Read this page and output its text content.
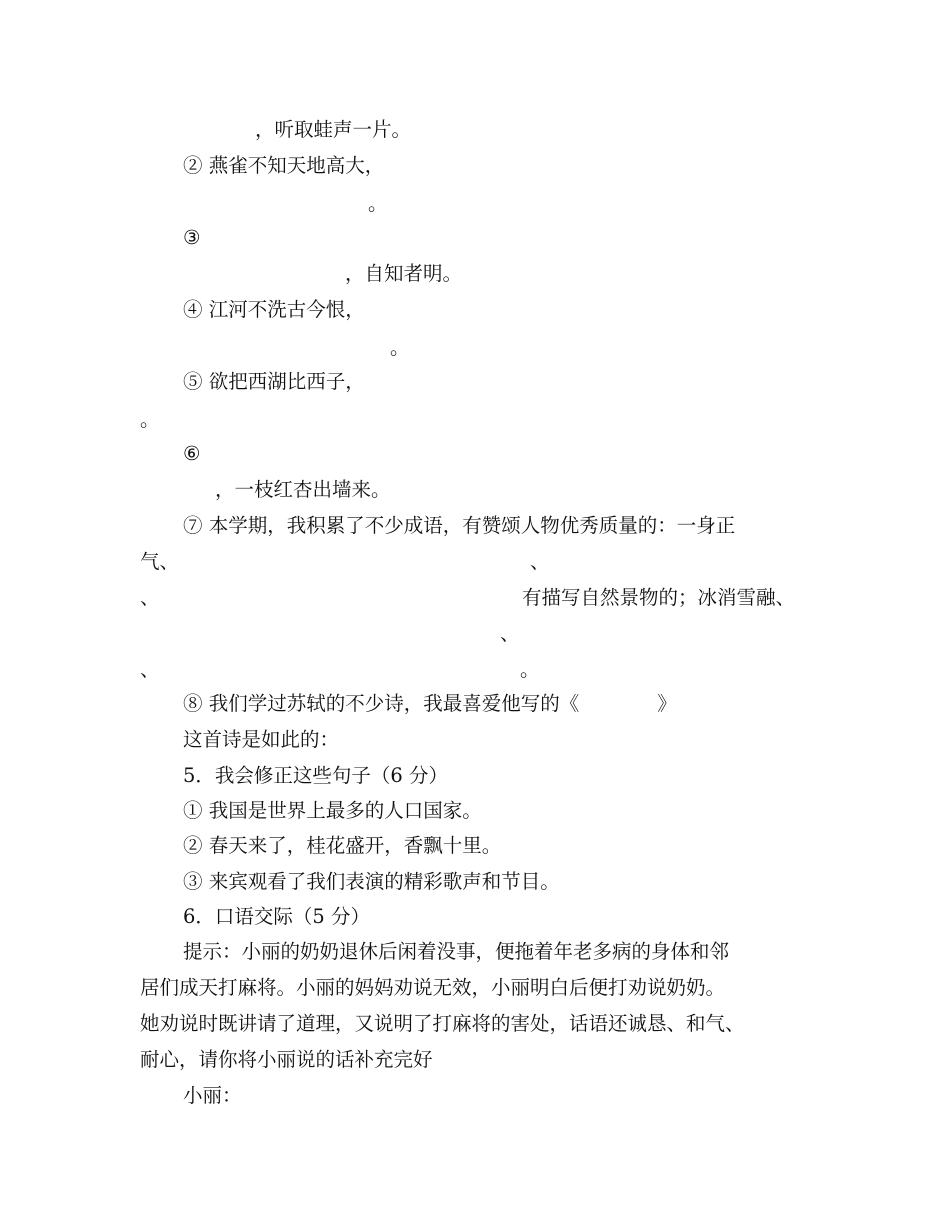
，听取蛙声一片。

② 燕雀不知天地高大，

。

③

，自知者明。

④ 江河不洗古今恨，

。

⑤ 欲把西湖比西子，

。

⑥

，一枝红杏出墙来。

⑦ 本学期，我积累了不少成语，有赞颂人物优秀质量的：一身正

气、	、

、	有描写自然景物的；冰消雪融、

、

、	。

⑧ 我们学过苏轼的不少诗，我最喜爱他写的《　　　　》

这首诗是如此的：

5．我会修正这些句子（6 分）

① 我国是世界上最多的人口国家。

② 春天来了，桂花盛开，香飘十里。

③ 来宾观看了我们表演的精彩歌声和节目。

6．口语交际（5 分）

提示：小丽的奶奶退休后闲着没事，便拖着年老多病的身体和邻

居们成天打麻将。小丽的妈妈劝说无效，小丽明白后便打劝说奶奶。

她劝说时既讲请了道理，又说明了打麻将的害处，话语还诚恳、和气、

耐心，请你将小丽说的话补充完好

小丽：
